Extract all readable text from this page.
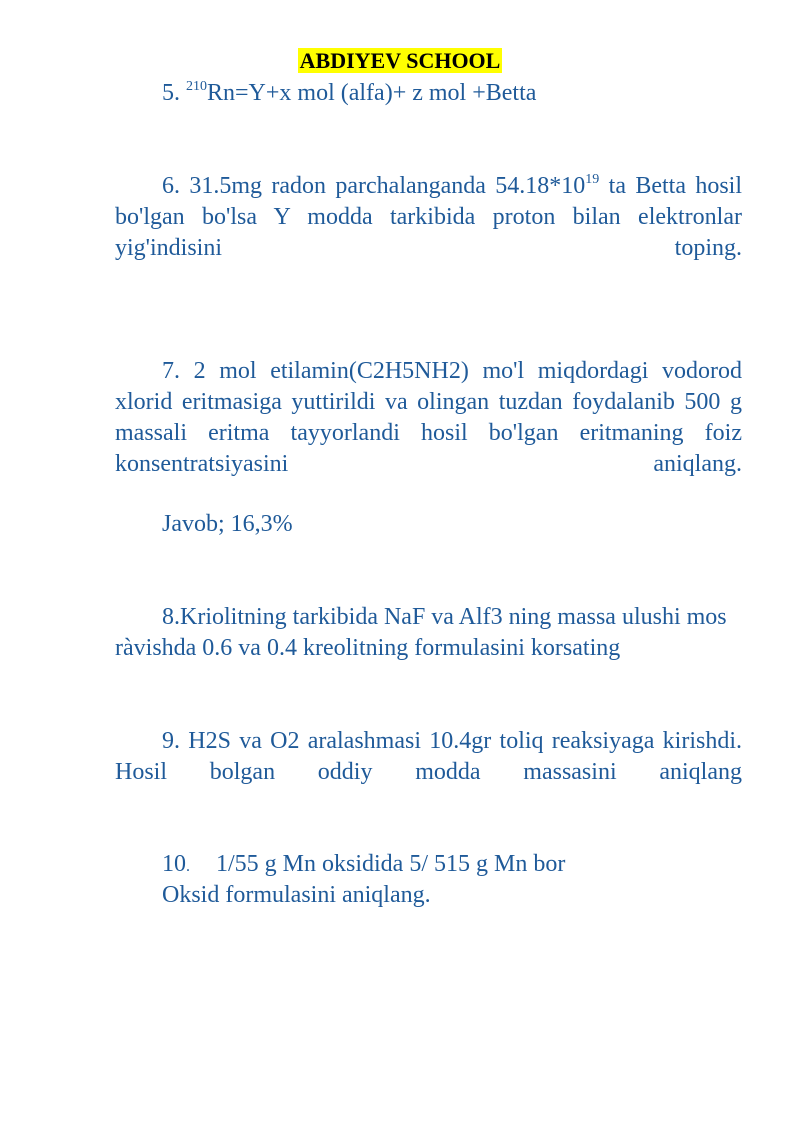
ABDIYEV SCHOOL

5. $^{210}$Rn=Y+x mol (alfa)+ z mol +Betta

6. 31.5mg radon parchalanganda $54.18*10^{19}$ ta Betta hosil bo'lgan bo'lsa Y modda tarkibida proton bilan elektronlar yig'indisini toping.

7. 2 mol etilamin(C2H5NH2) mo'l miqdordagi vodorod xlorid eritmasiga yuttirildi va olingan tuzdan foydalanib 500 g massali eritma tayyorlandi hosil bo'lgan eritmaning foiz konsentratsiyasini aniqlang.

Javob; 16,3%

8.Kriolitning tarkibida NaF va Alf3 ning massa ulushi mos ràvishda 0.6 va 0.4 kreolitning formulasini korsating

9. H2S va O2 aralashmasi 10.4gr toliq reaksiyaga kirishdi. Hosil bolgan oddiy modda massasini aniqlang

10. 1/55 g Mn oksidida 5/ 515 g Mn bor
Oksid formulasini aniqlang.
